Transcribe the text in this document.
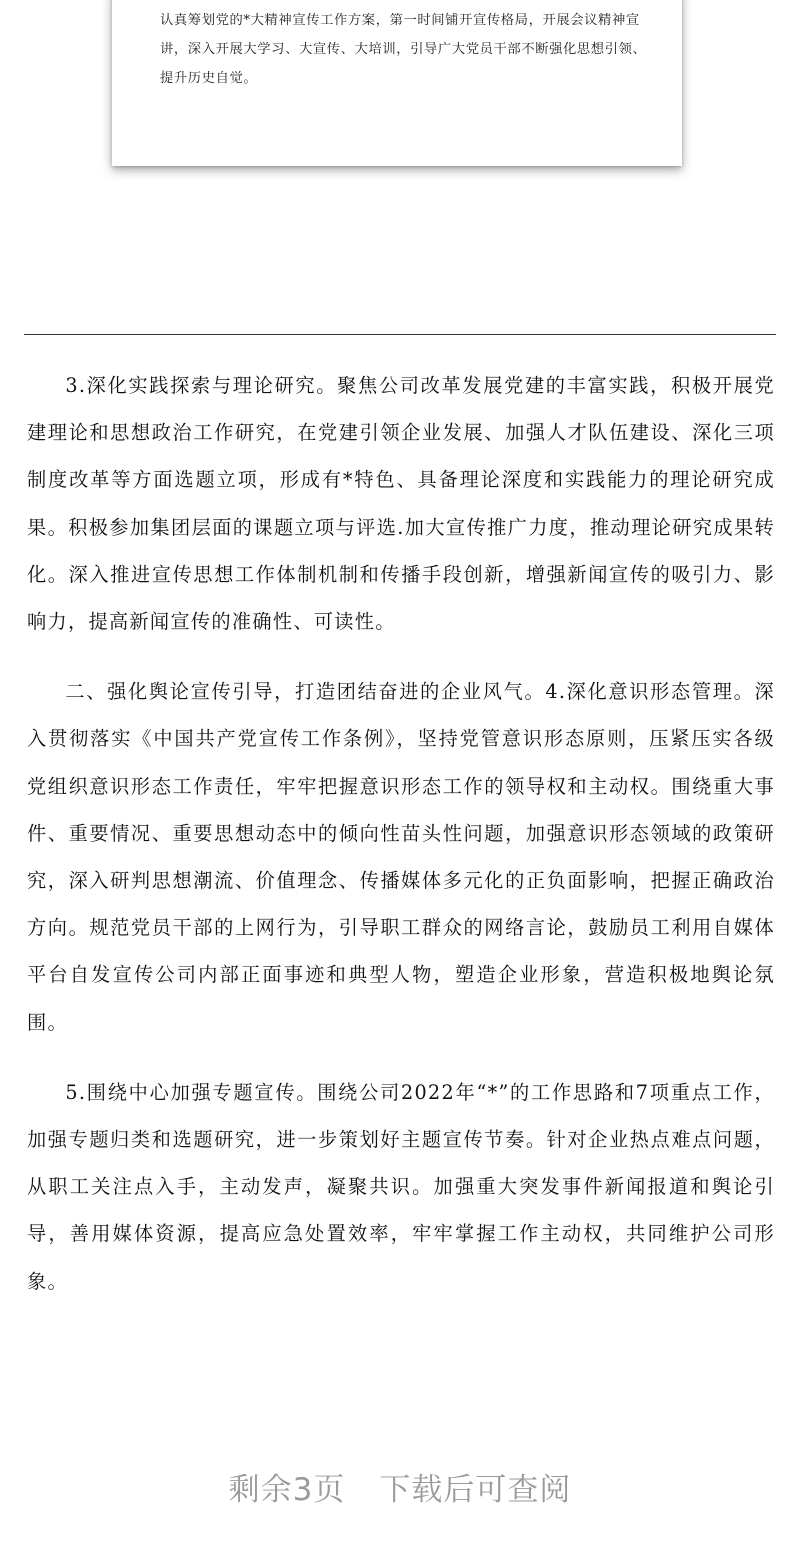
认真筹划党的*大精神宣传工作方案，第一时间铺开宣传格局，开展会议精神宣讲，深入开展大学习、大宣传、大培训，引导广大党员干部不断强化思想引领、提升历史自觉。

3.深化实践探索与理论研究。聚焦公司改革发展党建的丰富实践，积极开展党建理论和思想政治工作研究，在党建引领企业发展、加强人才队伍建设、深化三项制度改革等方面选题立项，形成有*特色、具备理论深度和实践能力的理论研究成果。积极参加集团层面的课题立项与评选.加大宣传推广力度，推动理论研究成果转化。深入推进宣传思想工作体制机制和传播手段创新，增强新闻宣传的吸引力、影响力，提高新闻宣传的准确性、可读性。

二、强化舆论宣传引导，打造团结奋进的企业风气。4.深化意识形态管理。深入贯彻落实《中国共产党宣传工作条例》，坚持党管意识形态原则，压紧压实各级党组织意识形态工作责任，牢牢把握意识形态工作的领导权和主动权。围绕重大事件、重要情况、重要思想动态中的倾向性苗头性问题，加强意识形态领域的政策研究，深入研判思想潮流、价值理念、传播媒体多元化的正负面影响，把握正确政治方向。规范党员干部的上网行为，引导职工群众的网络言论，鼓励员工利用自媒体平台自发宣传公司内部正面事迹和典型人物，塑造企业形象，营造积极地舆论氛围。

5.围绕中心加强专题宣传。围绕公司2022年“*”的工作思路和7项重点工作，加强专题归类和选题研究，进一步策划好主题宣传节奏。针对企业热点难点问题，从职工关注点入手，主动发声，凝聚共识。加强重大突发事件新闻报道和舆论引导，善用媒体资源，提高应急处置效率，牢牢掌握工作主动权，共同维护公司形象。

剩余3页 下载后可查阅
